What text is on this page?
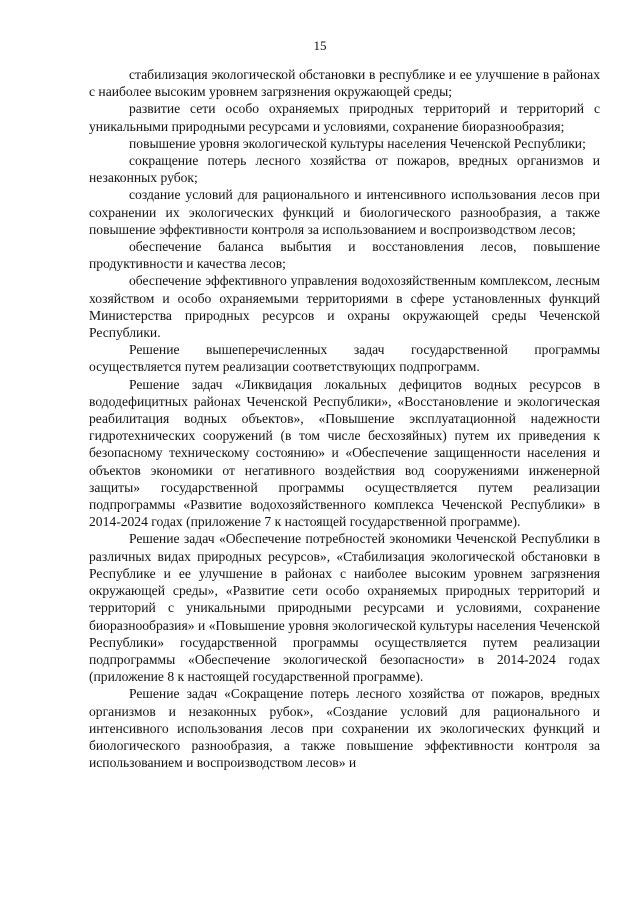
15

стабилизация экологической обстановки в республике и ее улучшение в районах с наиболее высоким уровнем загрязнения окружающей среды;

развитие сети особо охраняемых природных территорий и территорий с уникальными природными ресурсами и условиями, сохранение биоразнообразия;

повышение уровня экологической культуры населения Чеченской Республики;

сокращение потерь лесного хозяйства от пожаров, вредных организмов и незаконных рубок;

создание условий для рационального и интенсивного использования лесов при сохранении их экологических функций и биологического разнообразия, а также повышение эффективности контроля за использованием и воспроизводством лесов;

обеспечение баланса выбытия и восстановления лесов, повышение продуктивности и качества лесов;

обеспечение эффективного управления водохозяйственным комплексом, лесным хозяйством и особо охраняемыми территориями в сфере установленных функций Министерства природных ресурсов и охраны окружающей среды Чеченской Республики.

Решение вышеперечисленных задач государственной программы осуществляется путем реализации соответствующих подпрограмм.

Решение задач «Ликвидация локальных дефицитов водных ресурсов в вододефицитных районах Чеченской Республики», «Восстановление и экологическая реабилитация водных объектов», «Повышение эксплуатационной надежности гидротехнических сооружений (в том числе бесхозяйных) путем их приведения к безопасному техническому состоянию» и «Обеспечение защищенности населения и объектов экономики от негативного воздействия вод сооружениями инженерной защиты» государственной программы осуществляется путем реализации подпрограммы «Развитие водохозяйственного комплекса Чеченской Республики» в 2014-2024 годах (приложение 7 к настоящей государственной программе).

Решение задач «Обеспечение потребностей экономики Чеченской Республики в различных видах природных ресурсов», «Стабилизация экологической обстановки в Республике и ее улучшение в районах с наиболее высоким уровнем загрязнения окружающей среды», «Развитие сети особо охраняемых природных территорий и территорий с уникальными природными ресурсами и условиями, сохранение биоразнообразия» и «Повышение уровня экологической культуры населения Чеченской Республики» государственной программы осуществляется путем реализации подпрограммы «Обеспечение экологической безопасности» в 2014-2024 годах (приложение 8 к настоящей государственной программе).

Решение задач «Сокращение потерь лесного хозяйства от пожаров, вредных организмов и незаконных рубок», «Создание условий для рационального и интенсивного использования лесов при сохранении их экологических функций и биологического разнообразия, а также повышение эффективности контроля за использованием и воспроизводством лесов» и
